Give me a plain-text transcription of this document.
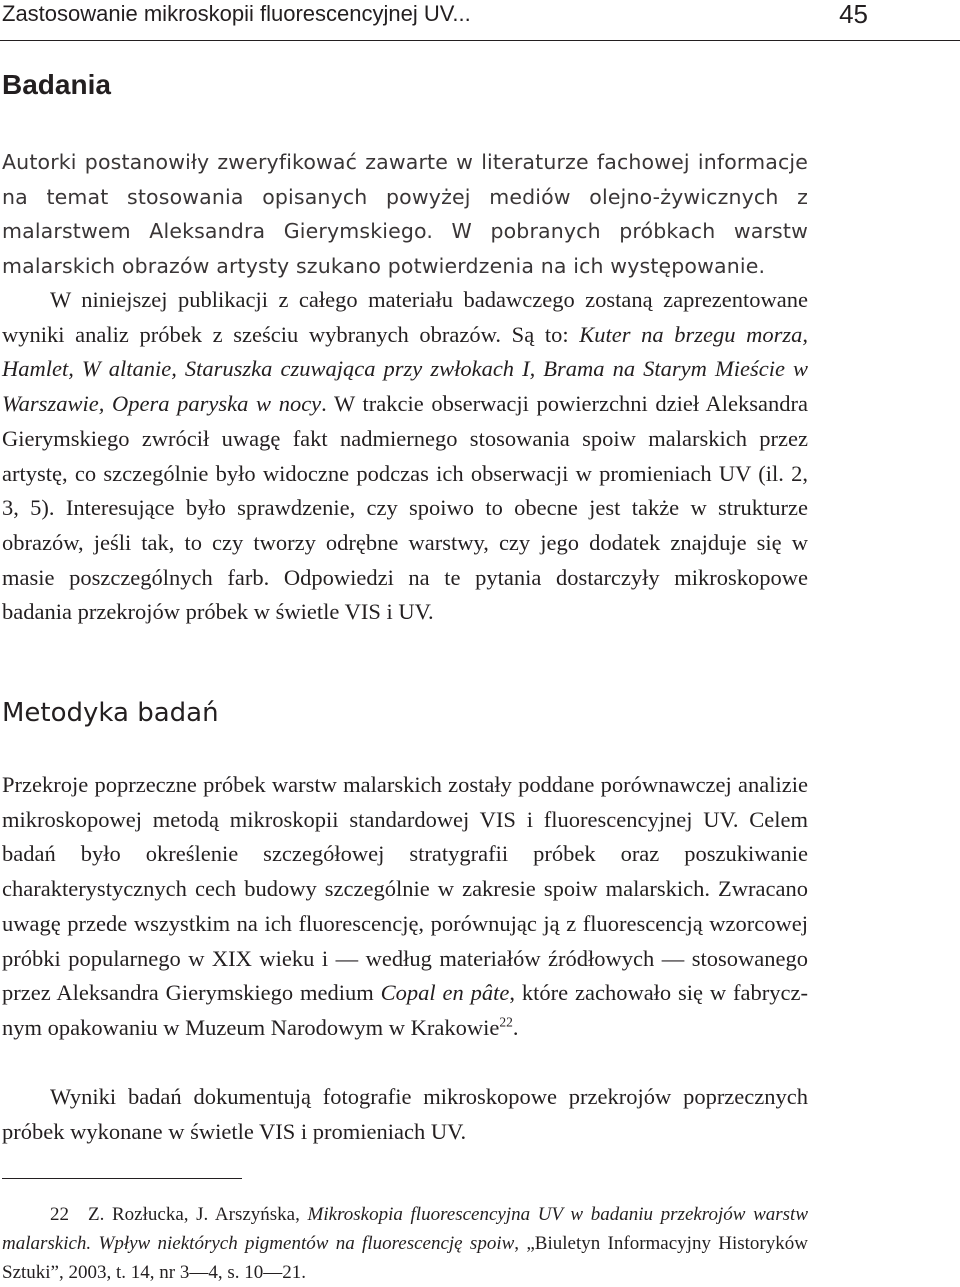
Zastosowanie mikroskopii fluorescencyjnej UV...	45
Badania

Autorki postanowiły zweryfikować zawarte w literaturze fachowej informacje na temat stosowania opisanych powyżej mediów olejno-żywicznych z malarstwem Aleksandra Gierymskiego. W pobranych próbkach warstw malarskich obrazów artysty szukano potwierdzenia na ich występowanie.

W niniejszej publikacji z całego materiału badawczego zostaną zaprezentowane wyniki analiz próbek z sześciu wybranych obrazów. Są to: Kuter na brzegu morza, Hamlet, W altanie, Staruszka czuwająca przy zwłokach I, Brama na Starym Mieście w Warszawie, Opera paryska w nocy. W trakcie obserwacji powierzchni dzieł Aleksandra Gierymskiego zwrócił uwagę fakt nadmiernego stosowania spoiw malarskich przez artystę, co szczególnie było widoczne podczas ich obserwacji w promieniach UV (il. 2, 3, 5). Interesujące było sprawdzenie, czy spoiwo to obecne jest także w strukturze obrazów, jeśli tak, to czy tworzy odrębne warstwy, czy jego dodatek znajduje się w masie poszczególnych farb. Odpowiedzi na te pytania dostarczyły mikroskopowe badania przekrojów próbek w świetle VIS i UV.

Metodyka badań

Przekroje poprzeczne próbek warstw malarskich zostały poddane porównawczej analizie mikroskopowej metodą mikroskopii standardowej VIS i fluorescencyjnej UV. Celem badań było określenie szczegółowej stratygrafii próbek oraz poszukiwanie charakterystycznych cech budowy szczególnie w zakresie spoiw malarskich. Zwracano uwagę przede wszystkim na ich fluorescencję, porównując ją z fluorescencją wzorcowej próbki popularnego w XIX wieku i — według materiałów źródłowych — stosowanego przez Aleksandra Gierymskiego medium Copal en pâte, które zachowało się w fabrycznym opakowaniu w Muzeum Narodowym w Krakowie$^{22}$.

Wyniki badań dokumentują fotografie mikroskopowe przekrojów poprzecznych próbek wykonane w świetle VIS i promieniach UV.

22 Z. Rozłucka, J. Arszyńska, Mikroskopia fluorescencyjna UV w badaniu przekrojów warstw malarskich. Wpływ niektórych pigmentów na fluorescencję spoiw, „Biuletyn Informacyjny Historyków Sztuki”, 2003, t. 14, nr 3—4, s. 10—21.
